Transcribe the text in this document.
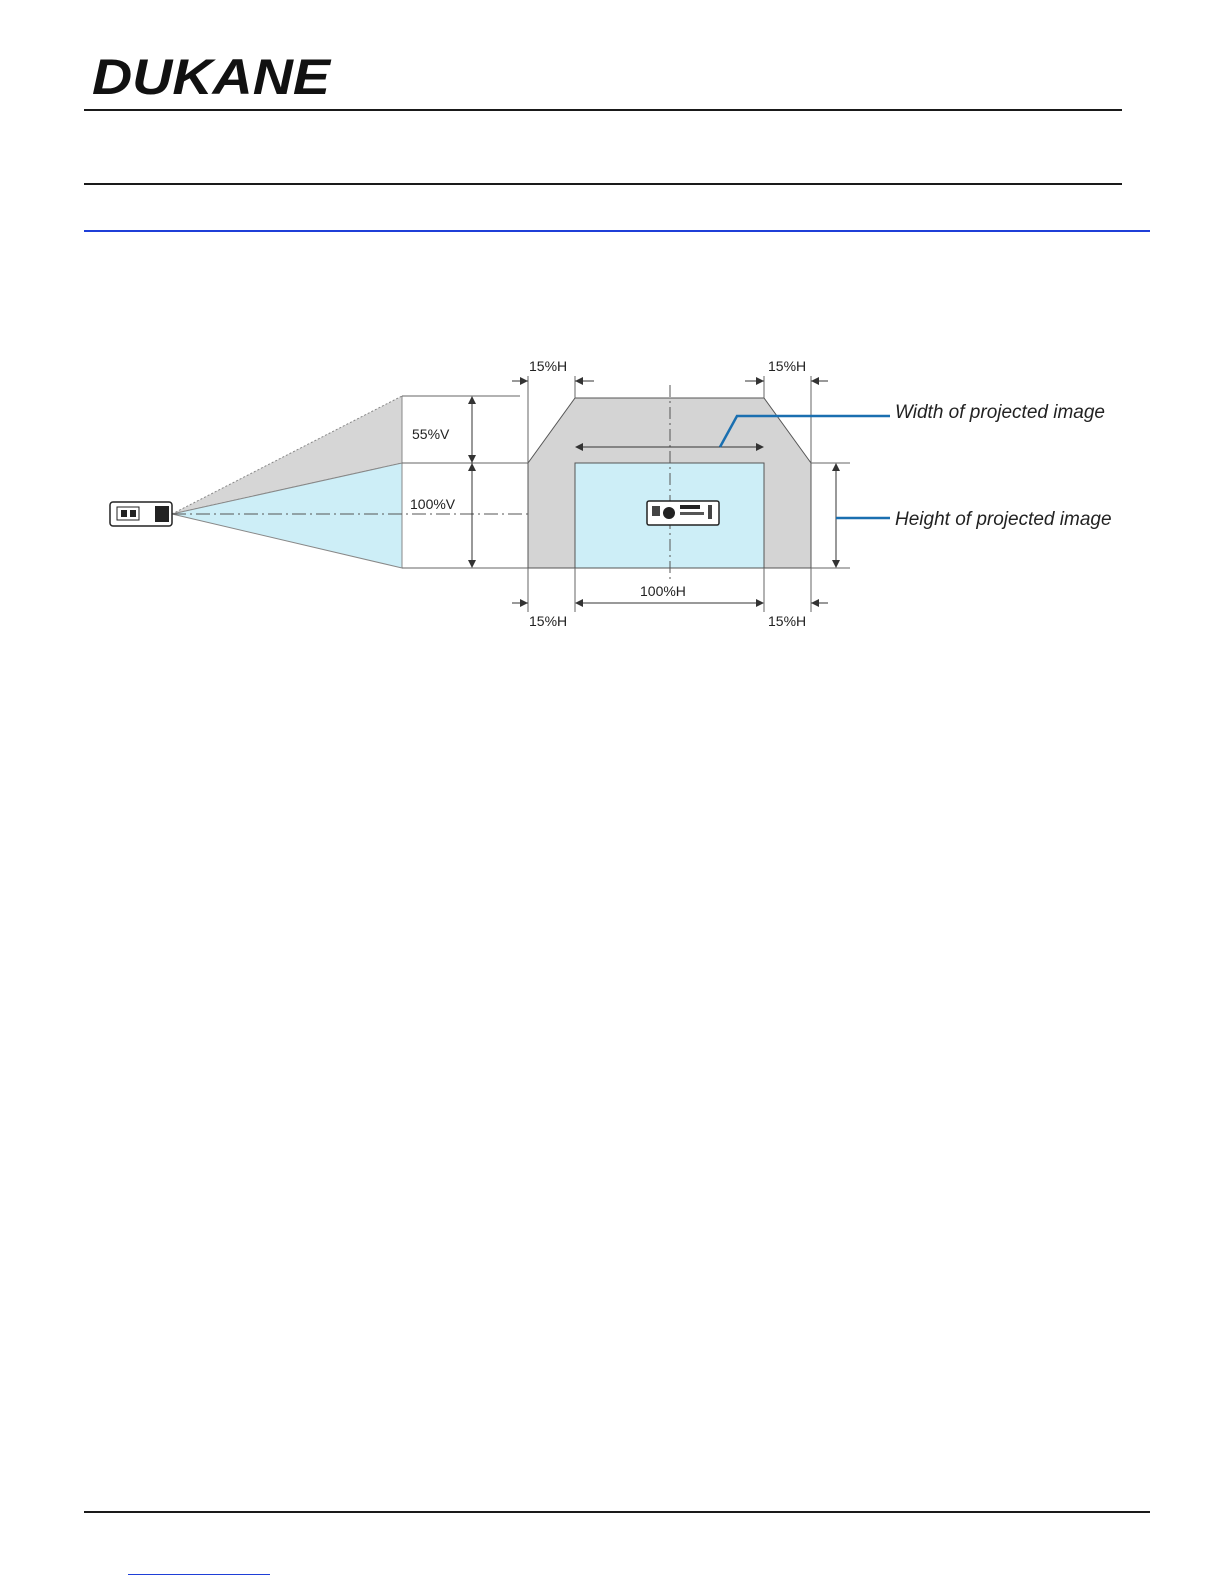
DUKANE
55%V
100%V
15%H	15%H
100%H
15%H	15%H
Width of projected image
Height of projected image
